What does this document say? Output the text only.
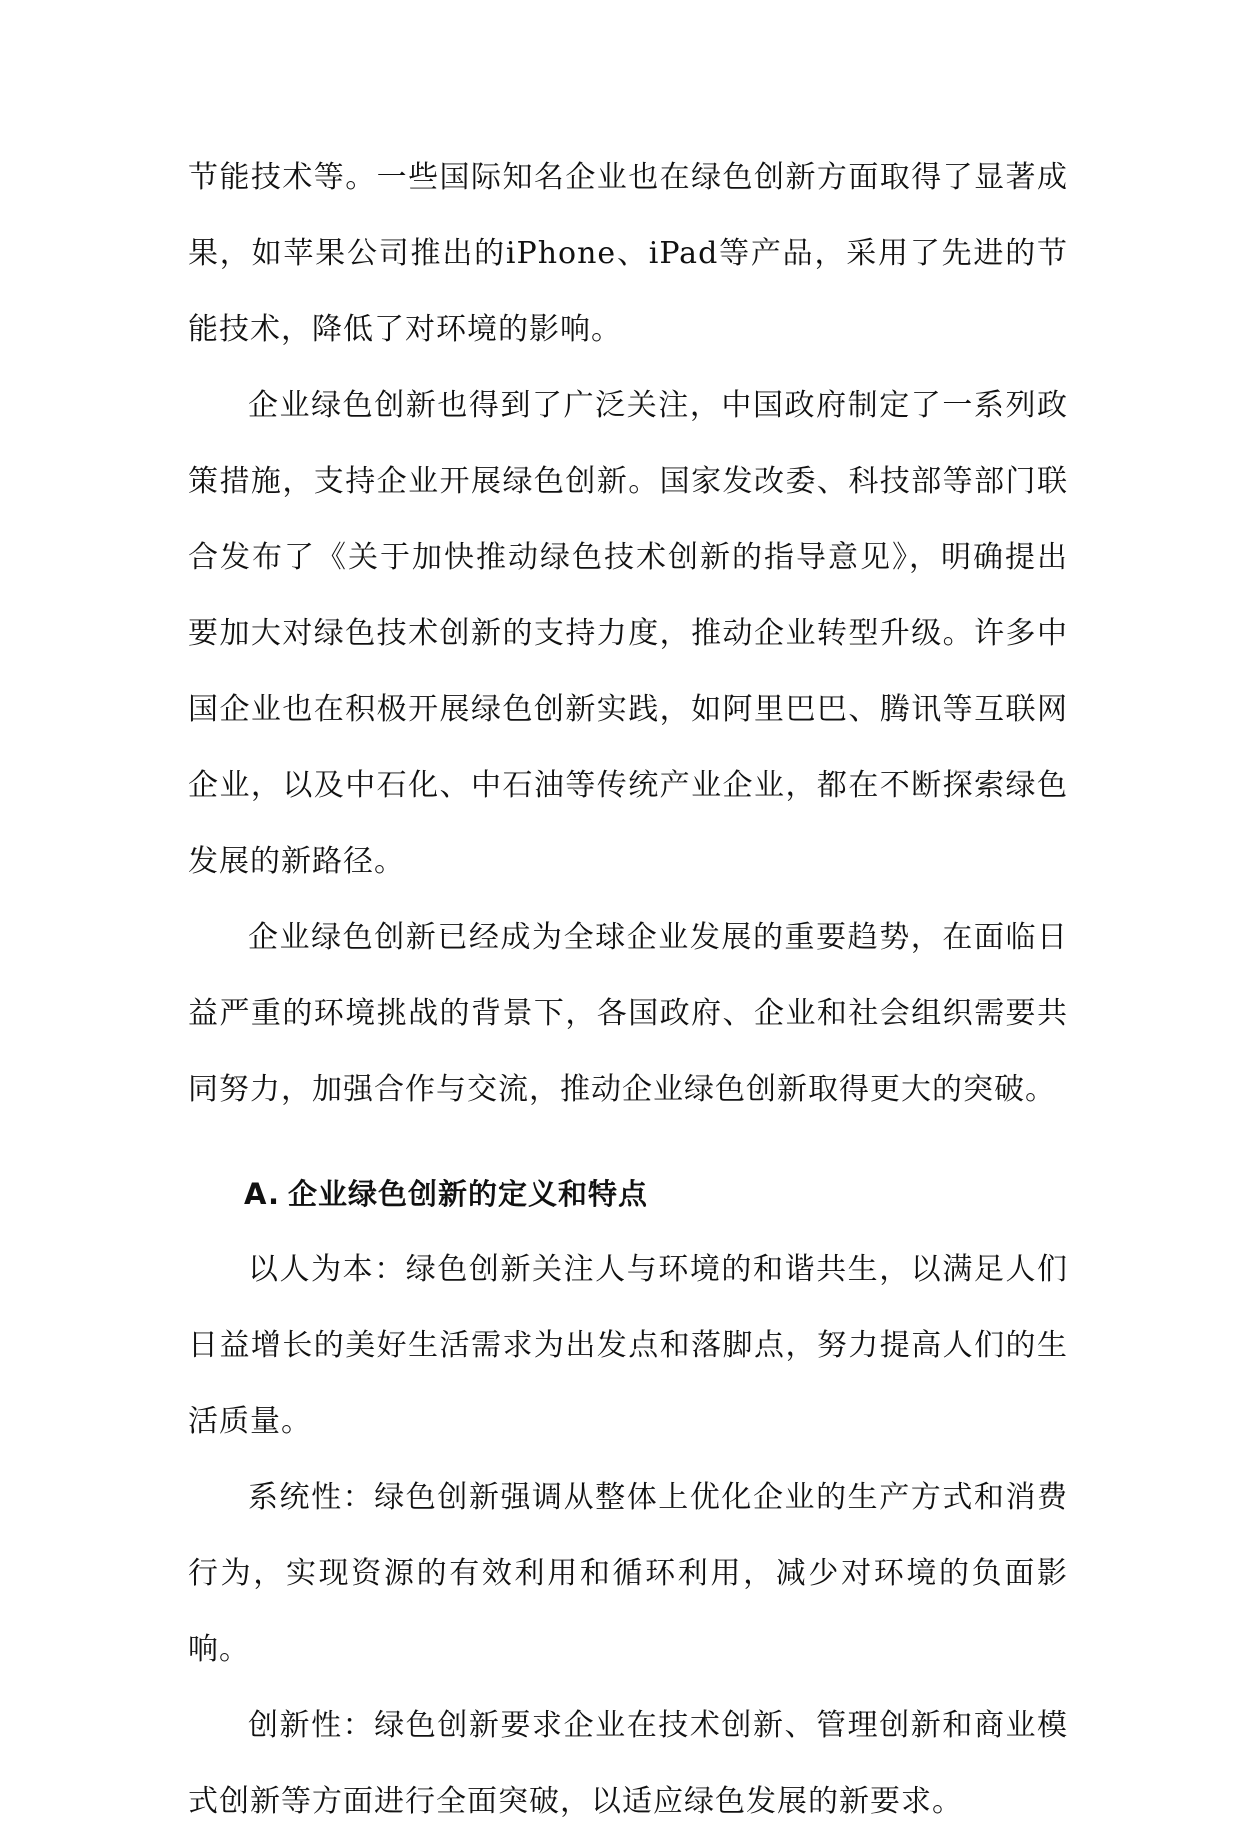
节能技术等。一些国际知名企业也在绿色创新方面取得了显著成果，如苹果公司推出的iPhone、iPad等产品，采用了先进的节能技术，降低了对环境的影响。

企业绿色创新也得到了广泛关注，中国政府制定了一系列政策措施，支持企业开展绿色创新。国家发改委、科技部等部门联合发布了《关于加快推动绿色技术创新的指导意见》，明确提出要加大对绿色技术创新的支持力度，推动企业转型升级。许多中国企业也在积极开展绿色创新实践，如阿里巴巴、腾讯等互联网企业，以及中石化、中石油等传统产业企业，都在不断探索绿色发展的新路径。

企业绿色创新已经成为全球企业发展的重要趋势，在面临日益严重的环境挑战的背景下，各国政府、企业和社会组织需要共同努力，加强合作与交流，推动企业绿色创新取得更大的突破。

A. 企业绿色创新的定义和特点

以人为本：绿色创新关注人与环境的和谐共生，以满足人们日益增长的美好生活需求为出发点和落脚点，努力提高人们的生活质量。

系统性：绿色创新强调从整体上优化企业的生产方式和消费行为，实现资源的有效利用和循环利用，减少对环境的负面影响。

创新性：绿色创新要求企业在技术创新、管理创新和商业模式创新等方面进行全面突破，以适应绿色发展的新要求。
